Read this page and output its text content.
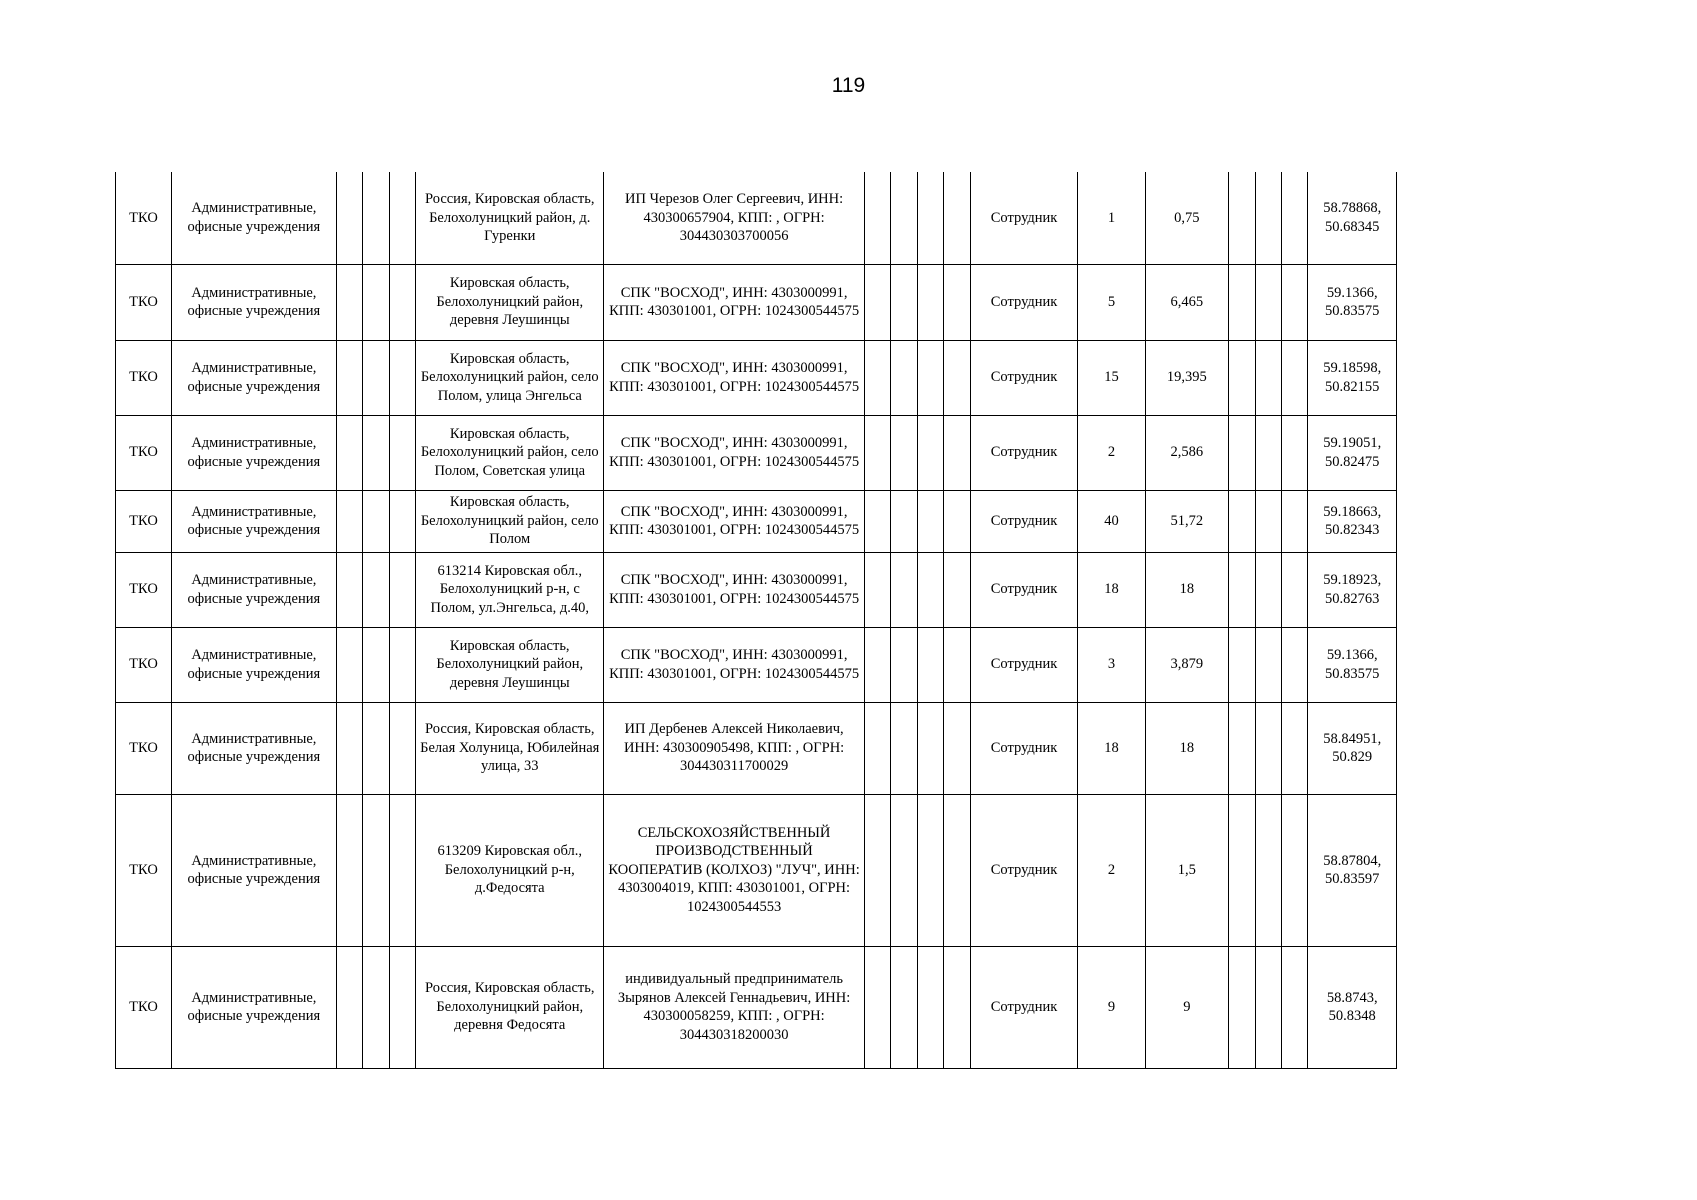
119
ТКО	Административные, офисные учреждения				Россия, Кировская область, Белохолуницкий район, д. Гуренки	ИП Черезов Олег Сергеевич, ИНН: 430300657904, КПП: , ОГРН: 304430303700056					Сотрудник	1	0,75				58.78868, 50.68345
ТКО	Административные, офисные учреждения				Кировская область, Белохолуницкий район, деревня Леушинцы	СПК "ВОСХОД", ИНН: 4303000991, КПП: 430301001, ОГРН: 1024300544575					Сотрудник	5	6,465				59.1366, 50.83575
ТКО	Административные, офисные учреждения				Кировская область, Белохолуницкий район, село Полом, улица Энгельса	СПК "ВОСХОД", ИНН: 4303000991, КПП: 430301001, ОГРН: 1024300544575					Сотрудник	15	19,395				59.18598, 50.82155
ТКО	Административные, офисные учреждения				Кировская область, Белохолуницкий район, село Полом, Советская улица	СПК "ВОСХОД", ИНН: 4303000991, КПП: 430301001, ОГРН: 1024300544575					Сотрудник	2	2,586				59.19051, 50.82475
ТКО	Административные, офисные учреждения				Кировская область, Белохолуницкий район, село Полом	СПК "ВОСХОД", ИНН: 4303000991, КПП: 430301001, ОГРН: 1024300544575					Сотрудник	40	51,72				59.18663, 50.82343
ТКО	Административные, офисные учреждения				613214 Кировская обл., Белохолуницкий р-н, с Полом, ул.Энгельса, д.40,	СПК "ВОСХОД", ИНН: 4303000991, КПП: 430301001, ОГРН: 1024300544575					Сотрудник	18	18				59.18923, 50.82763
ТКО	Административные, офисные учреждения				Кировская область, Белохолуницкий район, деревня Леушинцы	СПК "ВОСХОД", ИНН: 4303000991, КПП: 430301001, ОГРН: 1024300544575					Сотрудник	3	3,879				59.1366, 50.83575
ТКО	Административные, офисные учреждения				Россия, Кировская область, Белая Холуница, Юбилейная улица, 33	ИП Дербенев Алексей Николаевич, ИНН: 430300905498, КПП: , ОГРН: 304430311700029					Сотрудник	18	18				58.84951, 50.829
ТКО	Административные, офисные учреждения				613209 Кировская обл., Белохолуницкий р-н, д.Федосята	СЕЛЬСКОХОЗЯЙСТВЕННЫЙ ПРОИЗВОДСТВЕННЫЙ КООПЕРАТИВ (КОЛХОЗ) "ЛУЧ", ИНН: 4303004019, КПП: 430301001, ОГРН: 1024300544553					Сотрудник	2	1,5				58.87804, 50.83597
ТКО	Административные, офисные учреждения				Россия, Кировская область, Белохолуницкий район, деревня Федосята	индивидуальный предприниматель Зырянов Алексей Геннадьевич, ИНН: 430300058259, КПП: , ОГРН: 304430318200030					Сотрудник	9	9				58.8743, 50.8348
